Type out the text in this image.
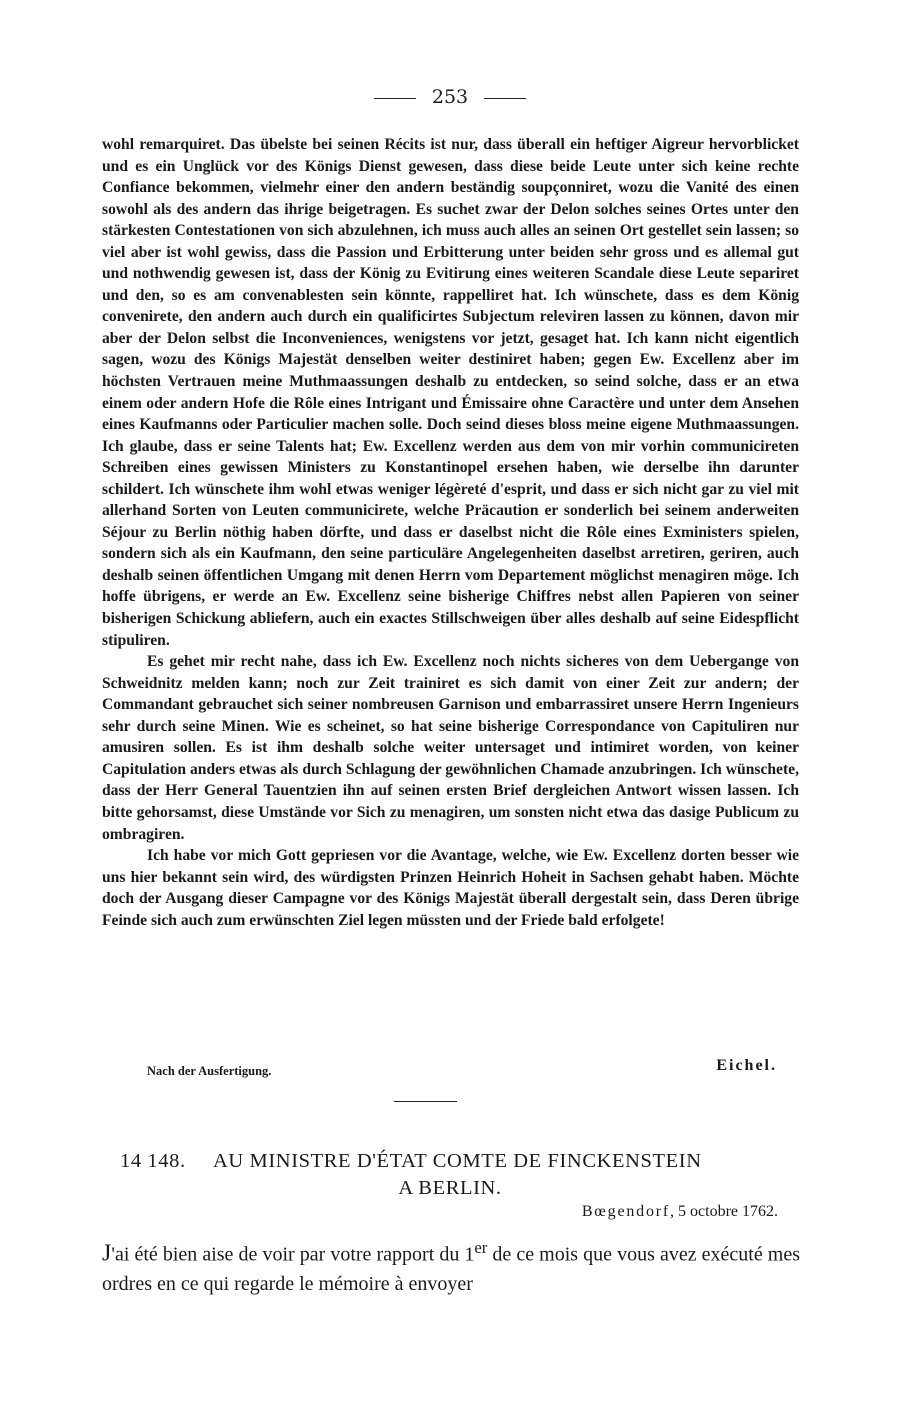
253

wohl remarquiret. Das übelste bei seinen Récits ist nur, dass überall ein heftiger Aigreur hervorblicket und es ein Unglück vor des Königs Dienst gewesen, dass diese beide Leute unter sich keine rechte Confiance bekommen, vielmehr einer den andern beständig soupçonniret, wozu die Vanité des einen sowohl als des andern das ihrige beigetragen. Es suchet zwar der Delon solches seines Ortes unter den stärkesten Contestationen von sich abzulehnen, ich muss auch alles an seinen Ort gestellet sein lassen; so viel aber ist wohl gewiss, dass die Passion und Erbitterung unter beiden sehr gross und es allemal gut und nothwendig gewesen ist, dass der König zu Evitirung eines weiteren Scandale diese Leute separiret und den, so es am convenablesten sein könnte, rappelliret hat. Ich wünschete, dass es dem König convenirete, den andern auch durch ein qualificirtes Subjectum releviren lassen zu können, davon mir aber der Delon selbst die Inconveniences, wenigstens vor jetzt, gesaget hat. Ich kann nicht eigentlich sagen, wozu des Königs Majestät denselben weiter destiniret haben; gegen Ew. Excellenz aber im höchsten Vertrauen meine Muthmaassungen deshalb zu entdecken, so seind solche, dass er an etwa einem oder andern Hofe die Rôle eines Intrigant und Émissaire ohne Caractère und unter dem Ansehen eines Kaufmanns oder Particulier machen solle. Doch seind dieses bloss meine eigene Muthmaassungen. Ich glaube, dass er seine Talents hat; Ew. Excellenz werden aus dem von mir vorhin communicireten Schreiben eines gewissen Ministers zu Konstantinopel ersehen haben, wie derselbe ihn darunter schildert. Ich wünschete ihm wohl etwas weniger légèreté d'esprit, und dass er sich nicht gar zu viel mit allerhand Sorten von Leuten communicirete, welche Präcaution er sonderlich bei seinem anderweiten Séjour zu Berlin nöthig haben dörfte, und dass er daselbst nicht die Rôle eines Exministers spielen, sondern sich als ein Kaufmann, den seine particuläre Angelegenheiten daselbst arretiren, geriren, auch deshalb seinen öffentlichen Umgang mit denen Herrn vom Departement möglichst menagiren möge. Ich hoffe übrigens, er werde an Ew. Excellenz seine bisherige Chiffres nebst allen Papieren von seiner bisherigen Schickung abliefern, auch ein exactes Stillschweigen über alles deshalb auf seine Eidespflicht stipuliren.

Es gehet mir recht nahe, dass ich Ew. Excellenz noch nichts sicheres von dem Uebergange von Schweidnitz melden kann; noch zur Zeit trainiret es sich damit von einer Zeit zur andern; der Commandant gebrauchet sich seiner nombreusen Garnison und embarrassiret unsere Herrn Ingenieurs sehr durch seine Minen. Wie es scheinet, so hat seine bisherige Correspondance von Capituliren nur amusiren sollen. Es ist ihm deshalb solche weiter untersaget und intimiret worden, von keiner Capitulation anders etwas als durch Schlagung der gewöhnlichen Chamade anzubringen. Ich wünschete, dass der Herr General Tauentzien ihn auf seinen ersten Brief dergleichen Antwort wissen lassen. Ich bitte gehorsamst, diese Umstände vor Sich zu menagiren, um sonsten nicht etwa das dasige Publicum zu ombragiren.

Ich habe vor mich Gott gepriesen vor die Avantage, welche, wie Ew. Excellenz dorten besser wie uns hier bekannt sein wird, des würdigsten Prinzen Heinrich Hoheit in Sachsen gehabt haben. Möchte doch der Ausgang dieser Campagne vor des Königs Majestät überall dergestalt sein, dass Deren übrige Feinde sich auch zum erwünschten Ziel legen müssten und der Friede bald erfolgete!

Nach der Ausfertigung.	Eichel.
14 148. AU MINISTRE D'ÉTAT COMTE DE FINCKENSTEIN
A BERLIN.
Bœgendorf, 5 octobre 1762.
J'ai été bien aise de voir par votre rapport du 1er de ce mois que vous avez exécuté mes ordres en ce qui regarde le mémoire à envoyer
